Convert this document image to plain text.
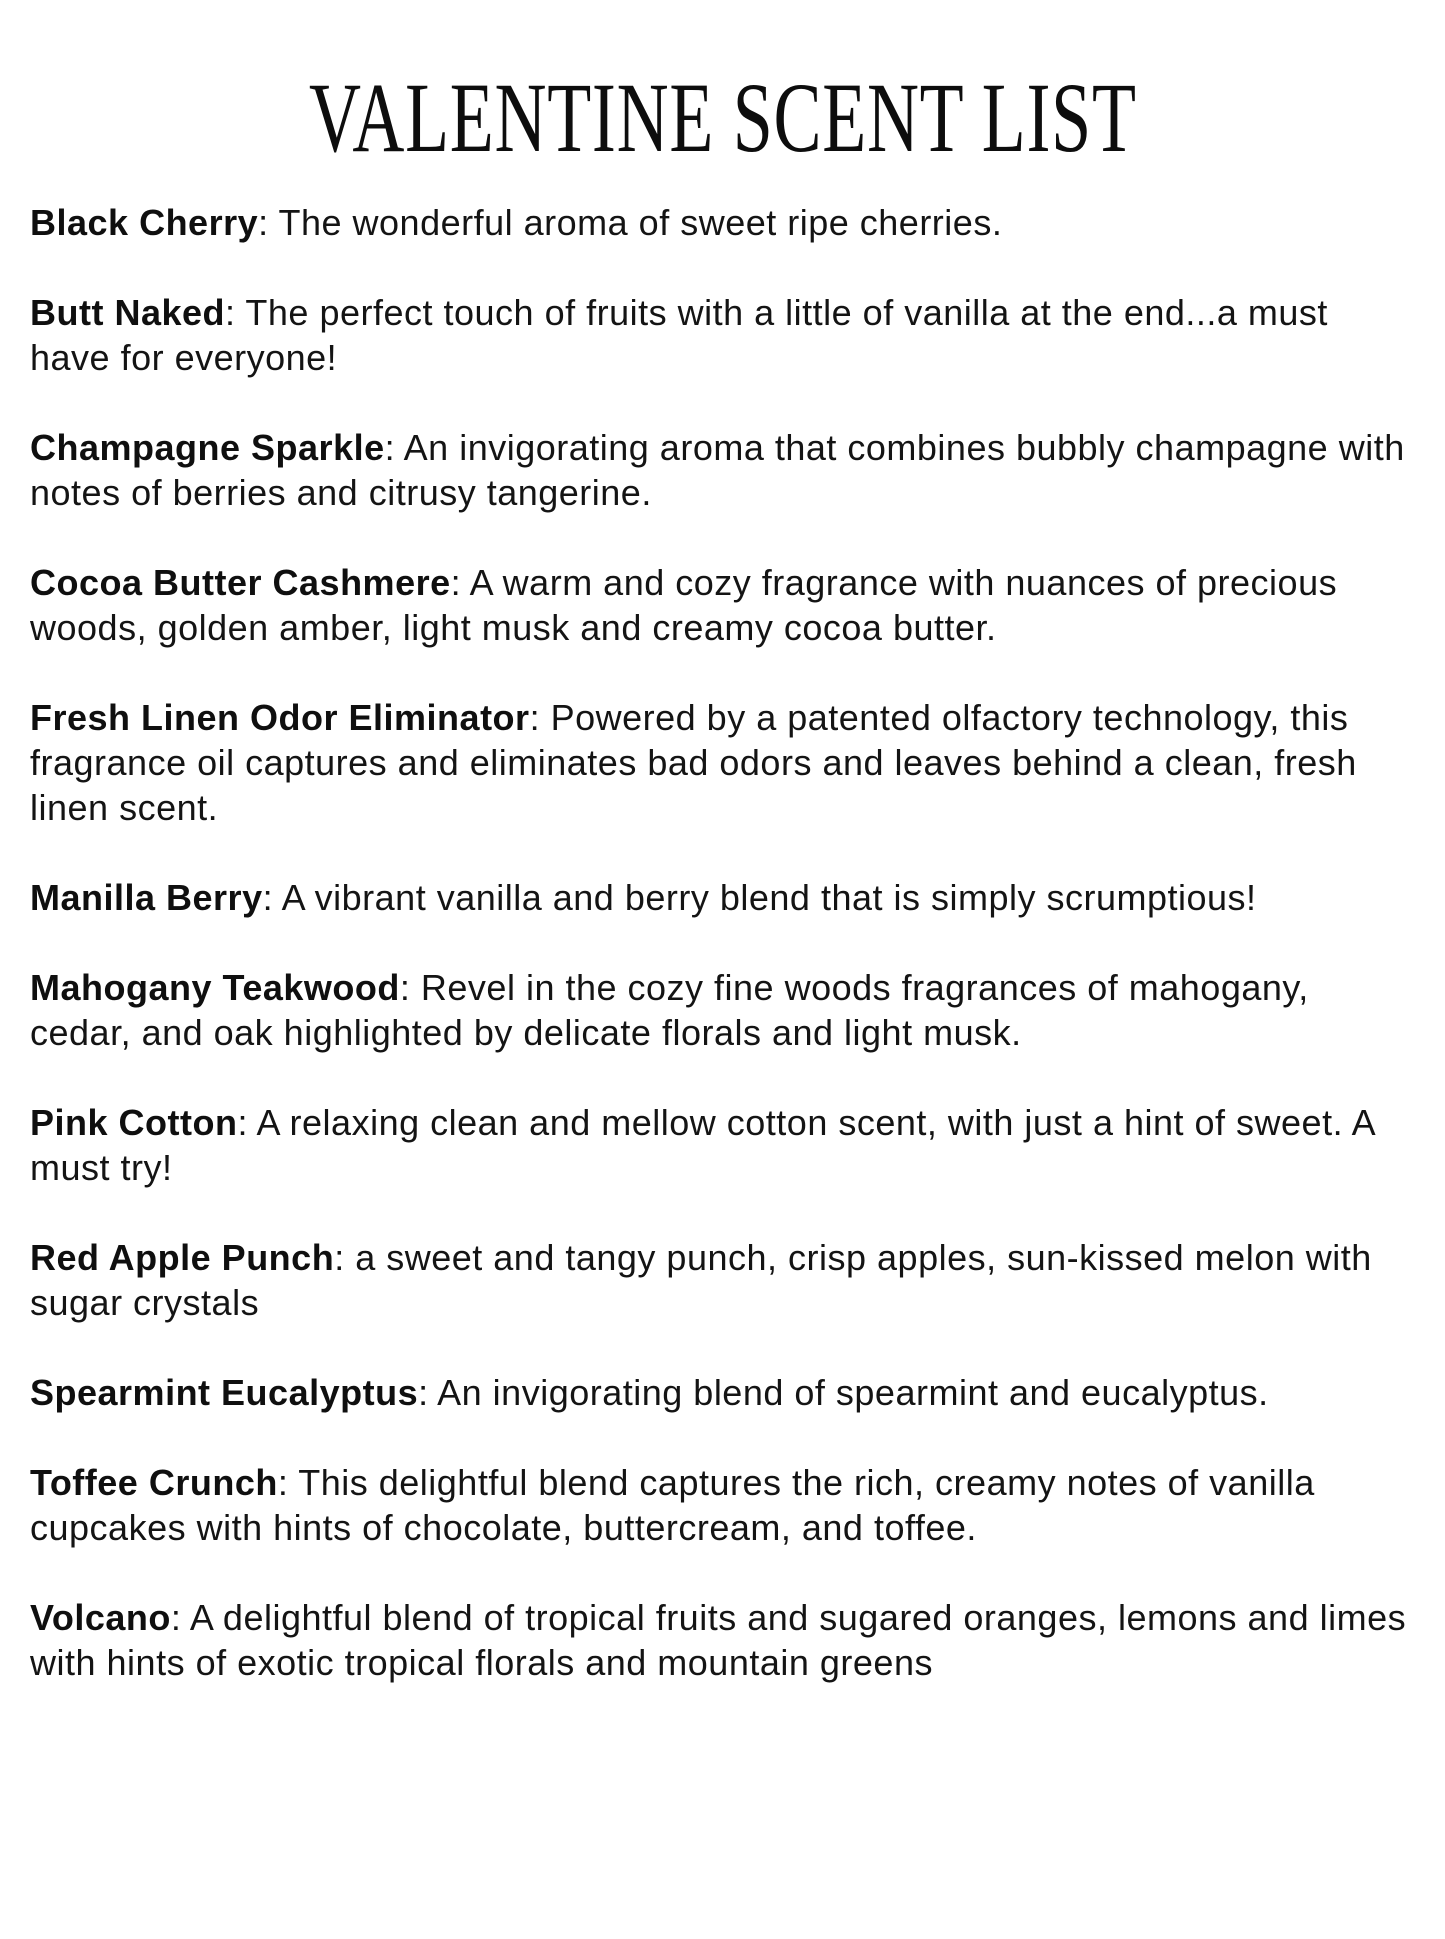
VALENTINE SCENT LIST

Black Cherry: The wonderful aroma of sweet ripe cherries.

Butt Naked: The perfect touch of fruits with a little of vanilla at the end...a must have for everyone!

Champagne Sparkle: An invigorating aroma that combines bubbly champagne with notes of berries and citrusy tangerine.

Cocoa Butter Cashmere: A warm and cozy fragrance with nuances of precious woods, golden amber, light musk and creamy cocoa butter.

Fresh Linen Odor Eliminator: Powered by a patented olfactory technology, this fragrance oil captures and eliminates bad odors and leaves behind a clean, fresh linen scent.

Manilla Berry: A vibrant vanilla and berry blend that is simply scrumptious!

Mahogany Teakwood: Revel in the cozy fine woods fragrances of mahogany, cedar, and oak highlighted by delicate florals and light musk.

Pink Cotton: A relaxing clean and mellow cotton scent, with just a hint of sweet. A must try!

Red Apple Punch: a sweet and tangy punch, crisp apples, sun-kissed melon with sugar crystals

Spearmint Eucalyptus: An invigorating blend of spearmint and eucalyptus.

Toffee Crunch: This delightful blend captures the rich, creamy notes of vanilla cupcakes with hints of chocolate, buttercream, and toffee.

Volcano: A delightful blend of tropical fruits and sugared oranges, lemons and limes with hints of exotic tropical florals and mountain greens
